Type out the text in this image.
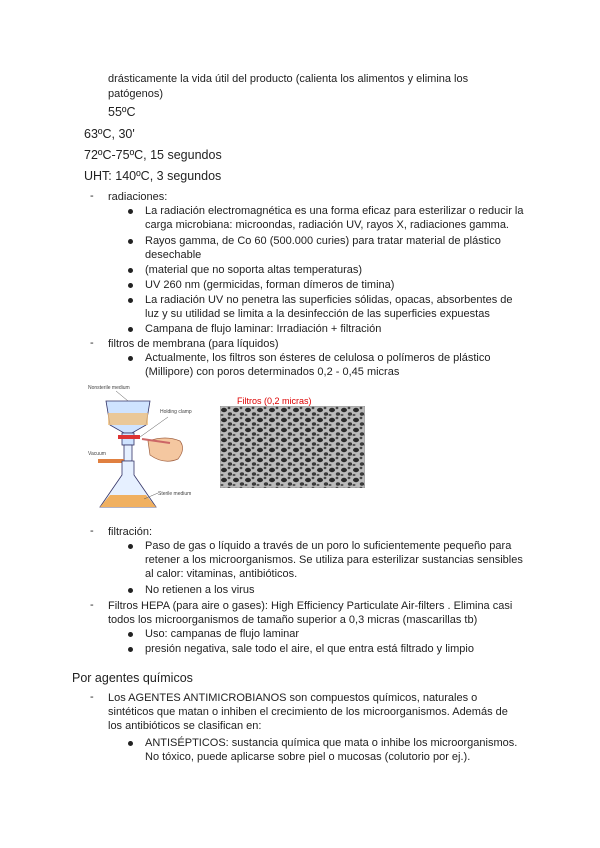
drásticamente la vida útil del producto (calienta los alimentos y elimina los
patógenos)
55ºC
63ºC, 30'
72ºC-75ºC, 15 segundos
UHT: 140ºC, 3 segundos
- radiaciones:
La radiación electromagnética es una forma eficaz para esterilizar o reducir la
carga microbiana: microondas, radiación UV, rayos X, radiaciones gamma.
Rayos gamma, de Co 60 (500.000 curies) para tratar material de plástico
desechable
(material que no soporta altas temperaturas)
UV 260 nm (germicidas, forman dímeros de timina)
La radiación UV no penetra las superficies sólidas, opacas, absorbentes de
luz y su utilidad se limita a la desinfección de las superficies expuestas
Campana de flujo laminar: Irradiación + filtración
- filtros de membrana (para líquidos)
Actualmente, los filtros son ésteres de celulosa o polímeros de plástico
(Millipore) con poros determinados 0,2 - 0,45 micras
Nonsterile medium
Holding clamp
Vacuum
Sterile medium
Filtros (0,2 micras)
- filtración:
Paso de gas o líquido a través de un poro lo suficientemente pequeño para
retener a los microorganismos. Se utiliza para esterilizar sustancias sensibles
al calor: vitaminas, antibióticos.
No retienen a los virus
- Filtros HEPA (para aire o gases): High Efficiency Particulate Air-filters . Elimina casi
todos los microorganismos de tamaño superior a 0,3 micras (mascarillas tb)
Uso: campanas de flujo laminar
presión negativa, sale todo el aire, el que entra está filtrado y limpio
Por agentes químicos
- Los AGENTES ANTIMICROBIANOS son compuestos químicos, naturales o
sintéticos que matan o inhiben el crecimiento de los microorganismos. Además de
los antibióticos se clasifican en:
ANTISÉPTICOS: sustancia química que mata o inhibe los microorganismos.
No tóxico, puede aplicarse sobre piel o mucosas (colutorio por ej.).
